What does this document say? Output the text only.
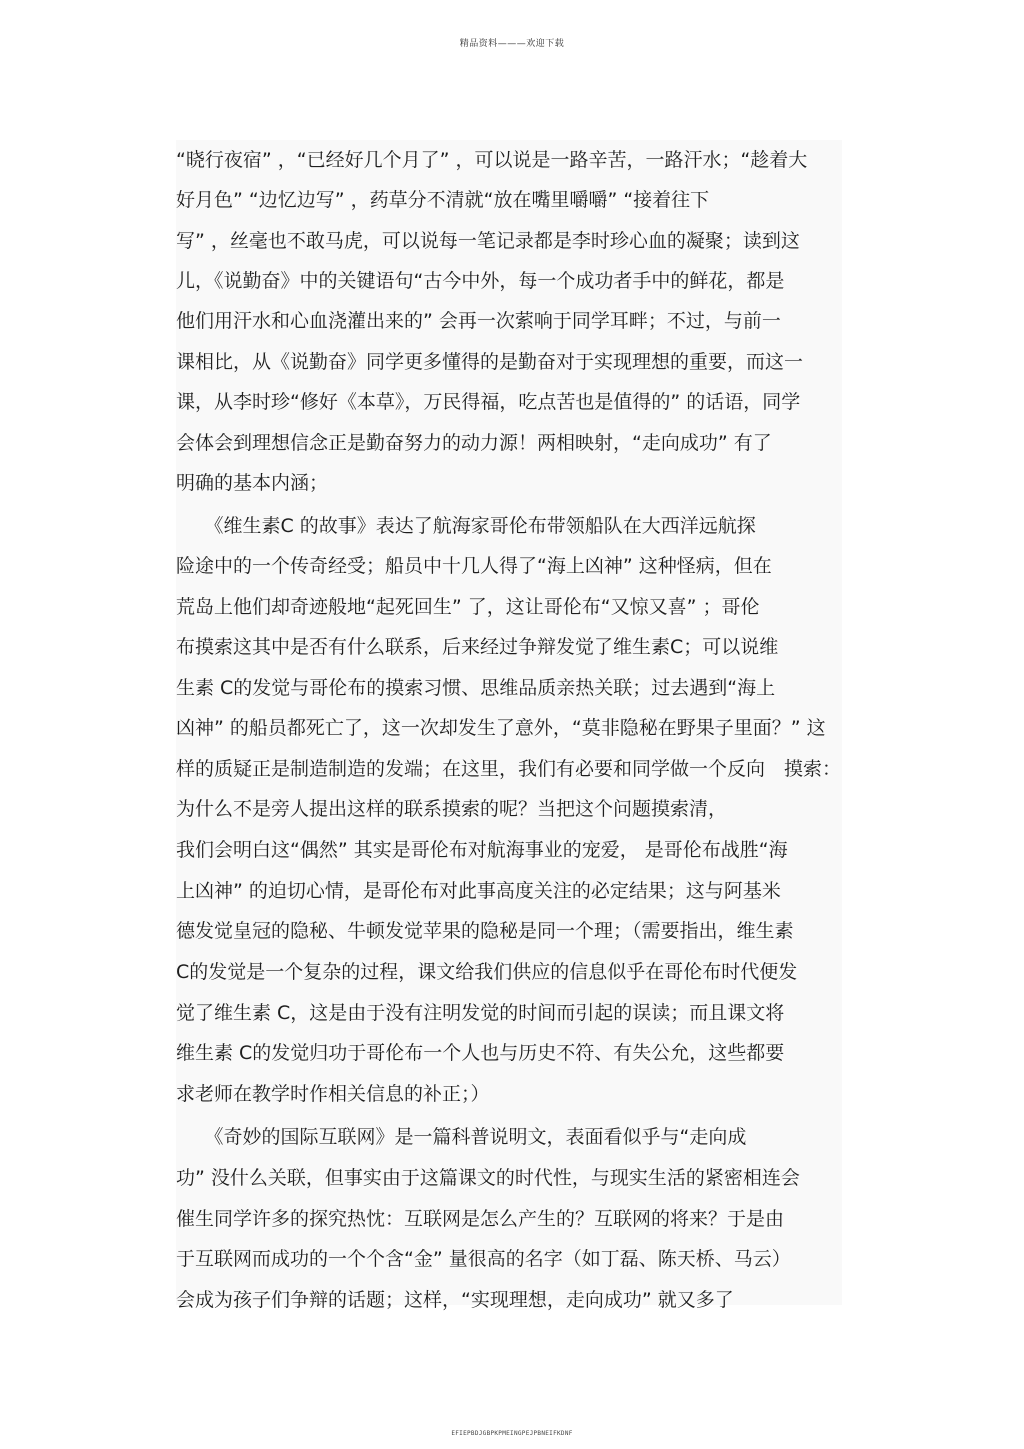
精品资料———欢迎下载
“晓行夜宿” ，“已经好几个月了” ，可以说是一路辛苦，一路汗水；“趁着大
好月色” “边忆边写” ，药草分不清就“放在嘴里嚼嚼” “接着往下
写” ，丝毫也不敢马虎，可以说每一笔记录都是李时珍心血的凝聚；读到这
儿，《说勤奋》中的关键语句“古今中外，每一个成功者手中的鲜花，都是
他们用汗水和心血浇灌出来的” 会再一次萦响于同学耳畔；不过，与前一
课相比，从《说勤奋》同学更多懂得的是勤奋对于实现理想的重要，而这一
课，从李时珍“修好《本草》，万民得福，吃点苦也是值得的” 的话语，同学
会体会到理想信念正是勤奋努力的动力源！两相映射，“走向成功” 有了
明确的基本内涵；
　　《维生素C 的故事》表达了航海家哥伦布带领船队在大西洋远航探
险途中的一个传奇经受；船员中十几人得了“海上凶神” 这种怪病，但在
荒岛上他们却奇迹般地“起死回生” 了，这让哥伦布“又惊又喜” ；哥伦
布摸索这其中是否有什么联系，后来经过争辩发觉了维生素C；可以说维
生素 C的发觉与哥伦布的摸索习惯、思维品质亲热关联；过去遇到“海上
凶神” 的船员都死亡了，这一次却发生了意外，“莫非隐秘在野果子里面？” 这
样的质疑正是制造制造的发端；在这里，我们有必要和同学做一个反向　摸索：
为什么不是旁人提出这样的联系摸索的呢？当把这个问题摸索清，
我们会明白这“偶然” 其实是哥伦布对航海事业的宠爱， 是哥伦布战胜“海
上凶神” 的迫切心情，是哥伦布对此事高度关注的必定结果；这与阿基米
德发觉皇冠的隐秘、牛顿发觉苹果的隐秘是同一个理；（需要指出，维生素
C的发觉是一个复杂的过程，课文给我们供应的信息似乎在哥伦布时代便发
觉了维生素 C，这是由于没有注明发觉的时间而引起的误读；而且课文将
维生素 C的发觉归功于哥伦布一个人也与历史不符、有失公允，这些都要
求老师在教学时作相关信息的补正；）
　　《奇妙的国际互联网》是一篇科普说明文，表面看似乎与“走向成
功” 没什么关联，但事实由于这篇课文的时代性，与现实生活的紧密相连会
催生同学许多的探究热忱：互联网是怎么产生的？互联网的将来？于是由
于互联网而成功的一个个含“金” 量很高的名字（如丁磊、陈天桥、马云）
会成为孩子们争辩的话题；这样，“实现理想，走向成功” 就又多了
EFIEPBDJGBPKPMEINGPEJPBNEIFKDNF
